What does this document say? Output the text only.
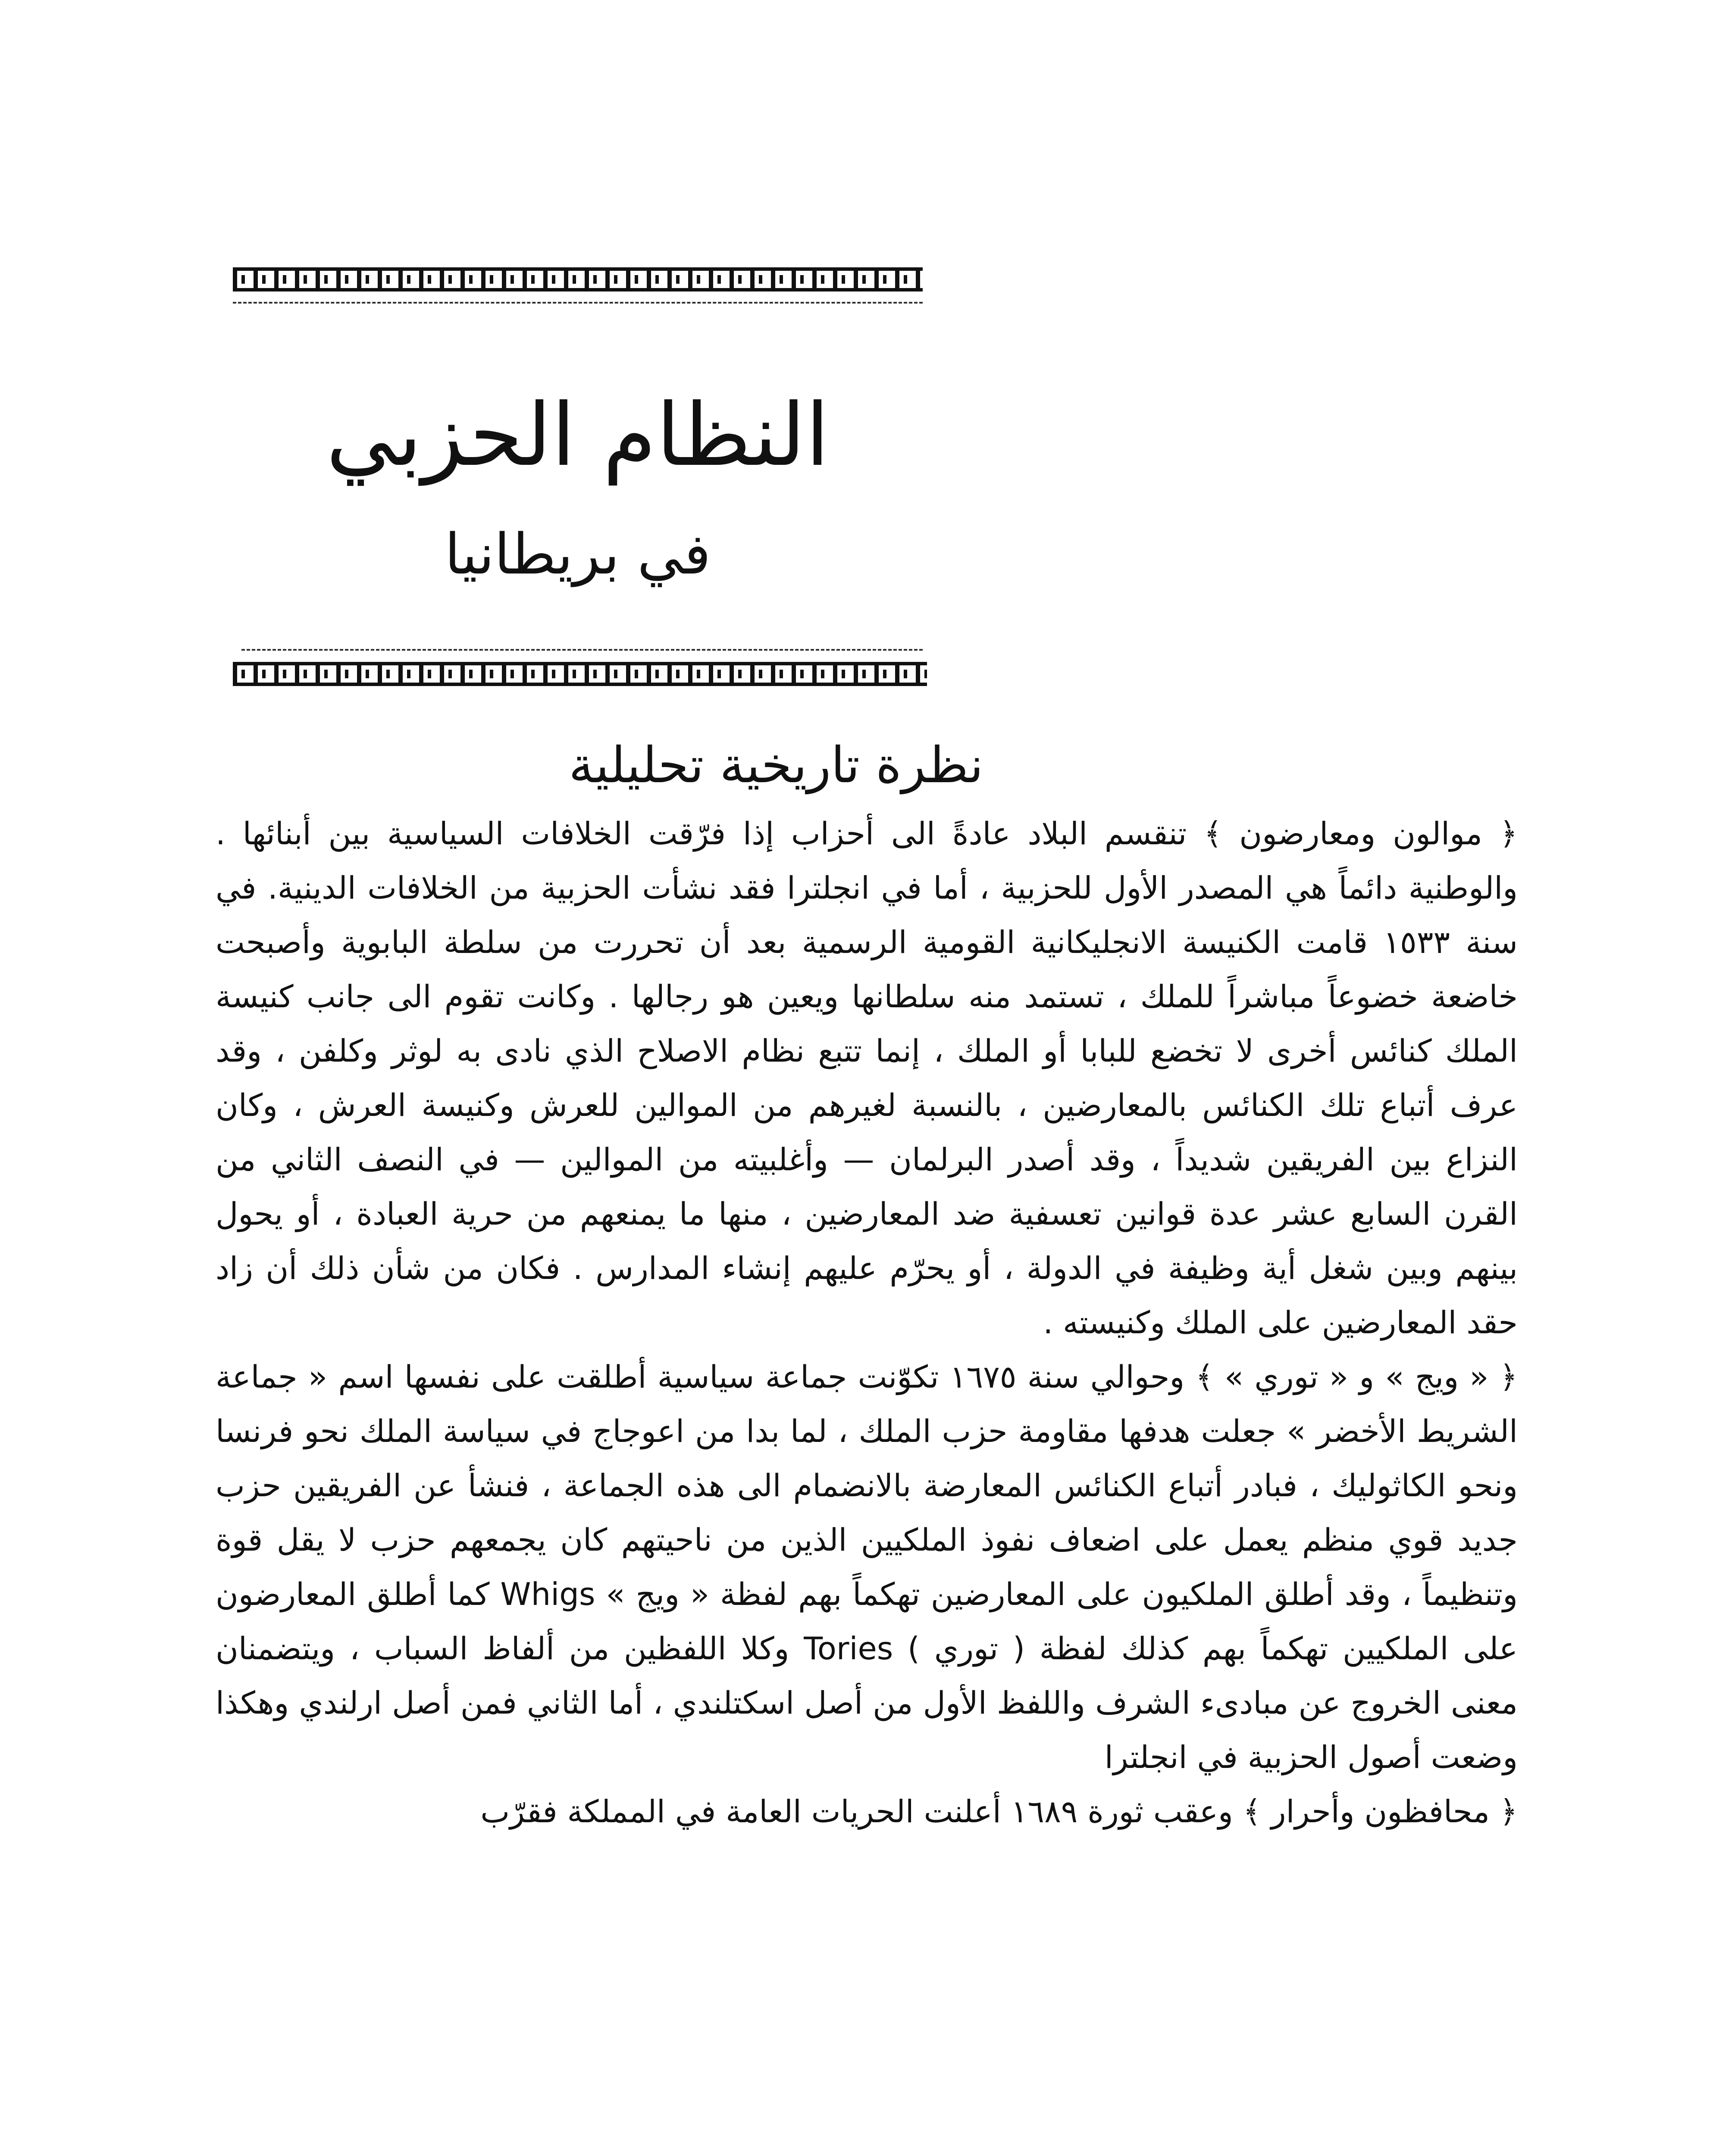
النظام الحزبي
في بريطانيا
نظرة تاريخية تحليلية

﴿ موالون ومعارضون ﴾ تنقسم البلاد عادةً الى أحزاب إذا فرّقت الخلافات السياسية بين أبنائها . والوطنية دائماً هي المصدر الأول للحزبية ، أما في انجلترا فقد نشأت الحزبية من الخلافات الدينية. في سنة ١٥٣٣ قامت الكنيسة الانجليكانية القومية الرسمية بعد أن تحررت من سلطة البابوية وأصبحت خاضعة خضوعاً مباشراً للملك ، تستمد منه سلطانها ويعين هو رجالها . وكانت تقوم الى جانب كنيسة الملك كنائس أخرى لا تخضع للبابا أو الملك ، إنما تتبع نظام الاصلاح الذي نادى به لوثر وكلفن ، وقد عرف أتباع تلك الكنائس بالمعارضين ، بالنسبة لغيرهم من الموالين للعرش وكنيسة العرش ، وكان النزاع بين الفريقين شديداً ، وقد أصدر البرلمان — وأغلبيته من الموالين — في النصف الثاني من القرن السابع عشر عدة قوانين تعسفية ضد المعارضين ، منها ما يمنعهم من حرية العبادة ، أو يحول بينهم وبين شغل أية وظيفة في الدولة ، أو يحرّم عليهم إنشاء المدارس . فكان من شأن ذلك أن زاد حقد المعارضين على الملك وكنيسته .

﴿ « ويج » و « توري » ﴾ وحوالي سنة ١٦٧٥ تكوّنت جماعة سياسية أطلقت على نفسها اسم « جماعة الشريط الأخضر » جعلت هدفها مقاومة حزب الملك ، لما بدا من اعوجاج في سياسة الملك نحو فرنسا ونحو الكاثوليك ، فبادر أتباع الكنائس المعارضة بالانضمام الى هذه الجماعة ، فنشأ عن الفريقين حزب جديد قوي منظم يعمل على اضعاف نفوذ الملكيين الذين من ناحيتهم كان يجمعهم حزب لا يقل قوة وتنظيماً ، وقد أطلق الملكيون على المعارضين تهكماً بهم لفظة « ويج » Whigs كما أطلق المعارضون على الملكيين تهكماً بهم كذلك لفظة ( توري ) Tories وكلا اللفظين من ألفاظ السباب ، ويتضمنان معنى الخروج عن مبادىء الشرف واللفظ الأول من أصل اسكتلندي ، أما الثاني فمن أصل ارلندي وهكذا وضعت أصول الحزبية في انجلترا

﴿ محافظون وأحرار ﴾ وعقب ثورة ١٦٨٩ أعلنت الحريات العامة في المملكة فقرّب
